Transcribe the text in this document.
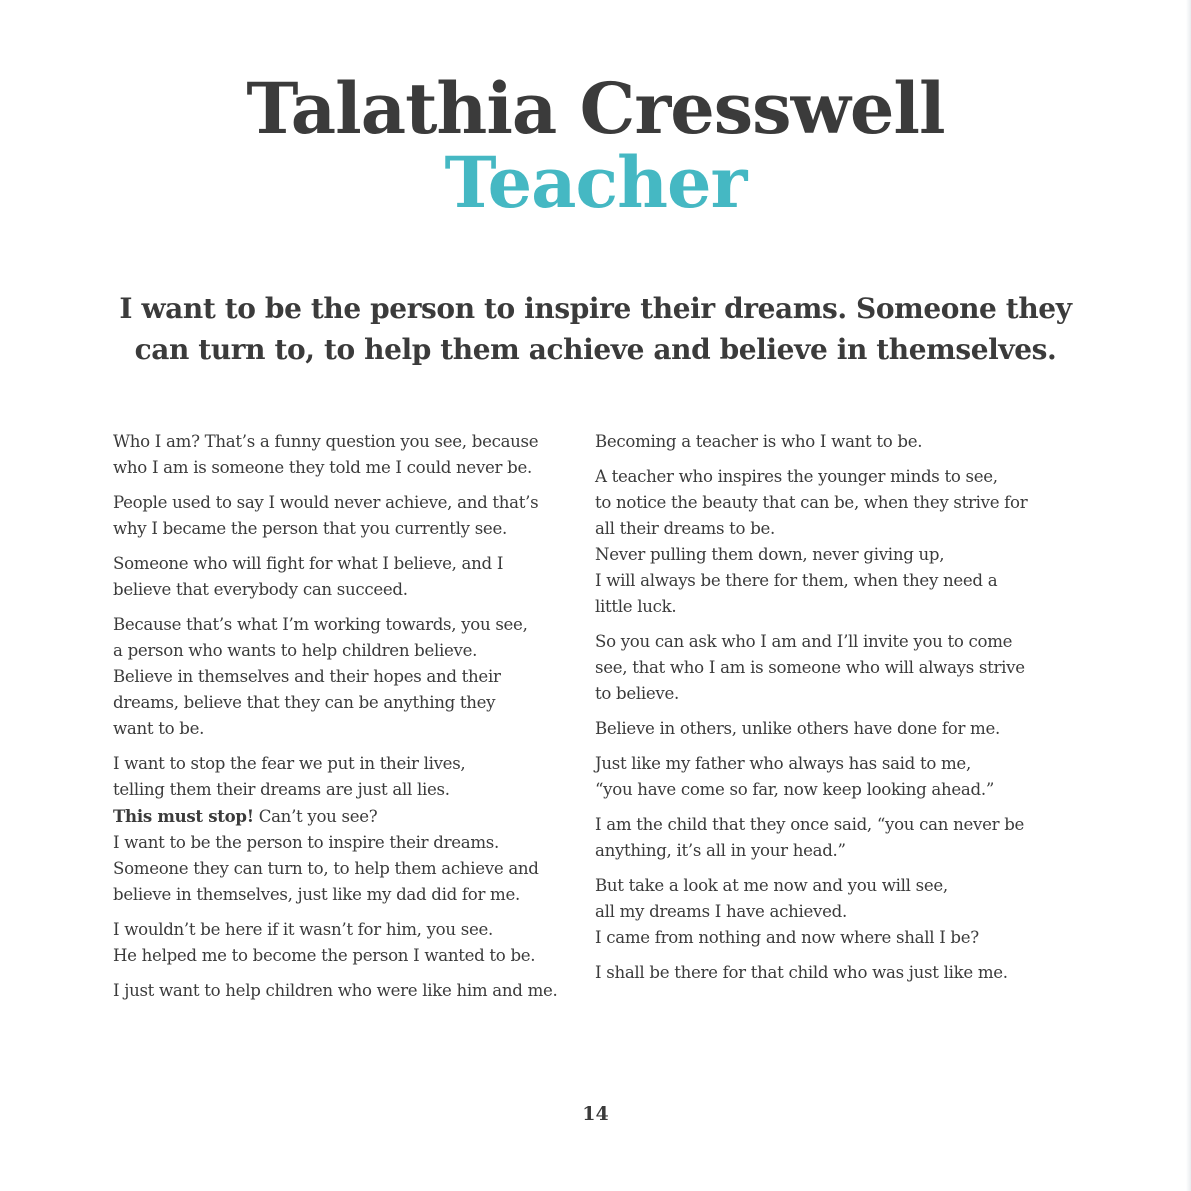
Talathia Cresswell
Teacher
I want to be the person to inspire their dreams. Someone they
can turn to, to help them achieve and believe in themselves.

Who I am? That’s a funny question you see, because
who I am is someone they told me I could never be.

People used to say I would never achieve, and that’s
why I became the person that you currently see.

Someone who will fight for what I believe, and I
believe that everybody can succeed.

Because that’s what I’m working towards, you see,
a person who wants to help children believe.
Believe in themselves and their hopes and their
dreams, believe that they can be anything they
want to be.

I want to stop the fear we put in their lives,
telling them their dreams are just all lies.
This must stop! Can’t you see?
I want to be the person to inspire their dreams.
Someone they can turn to, to help them achieve and
believe in themselves, just like my dad did for me.

I wouldn’t be here if it wasn’t for him, you see.
He helped me to become the person I wanted to be.

I just want to help children who were like him and me.

Becoming a teacher is who I want to be.

A teacher who inspires the younger minds to see,
to notice the beauty that can be, when they strive for
all their dreams to be.
Never pulling them down, never giving up,
I will always be there for them, when they need a
little luck.

So you can ask who I am and I’ll invite you to come
see, that who I am is someone who will always strive
to believe.

Believe in others, unlike others have done for me.

Just like my father who always has said to me,
“you have come so far, now keep looking ahead.”

I am the child that they once said, “you can never be
anything, it’s all in your head.”

But take a look at me now and you will see,
all my dreams I have achieved.
I came from nothing and now where shall I be?

I shall be there for that child who was just like me.

14
